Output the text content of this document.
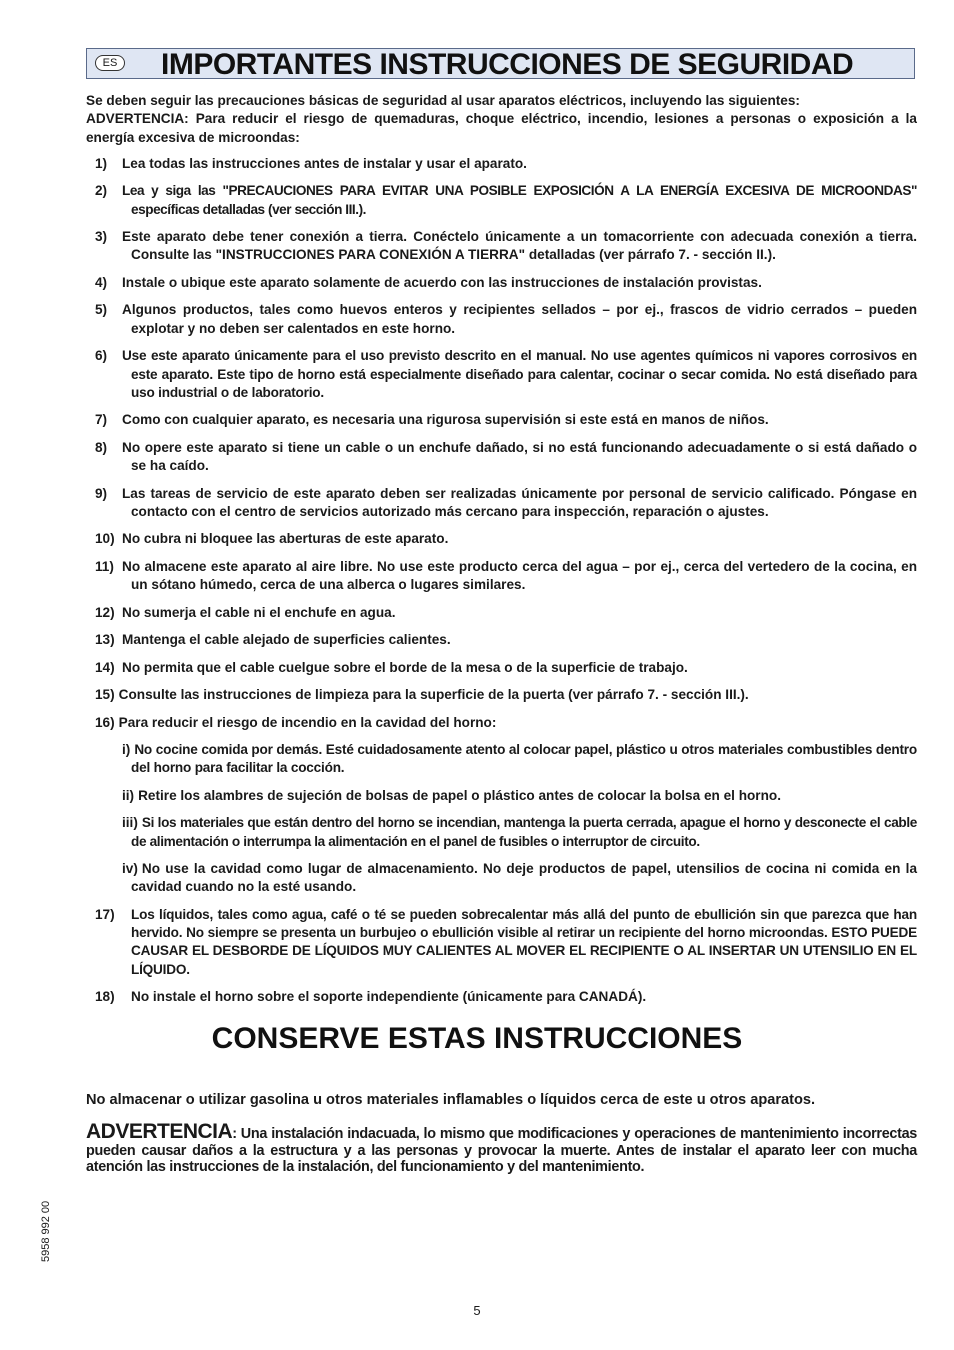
ES IMPORTANTES INSTRUCCIONES DE SEGURIDAD

Se deben seguir las precauciones básicas de seguridad al usar aparatos eléctricos, incluyendo las siguientes:

ADVERTENCIA: Para reducir el riesgo de quemaduras, choque eléctrico, incendio, lesiones a personas o exposición a la energía excesiva de microondas:

1) Lea todas las instrucciones antes de instalar y usar el aparato.
2) Lea y siga las "PRECAUCIONES PARA EVITAR UNA POSIBLE EXPOSICIÓN A LA ENERGÍA EXCESIVA DE MICROONDAS" específicas detalladas (ver sección III.).
3) Este aparato debe tener conexión a tierra. Conéctelo únicamente a un tomacorriente con adecuada conexión a tierra. Consulte las "INSTRUCCIONES PARA CONEXIÓN A TIERRA" detalladas (ver párrafo 7. - sección II.).
4) Instale o ubique este aparato solamente de acuerdo con las instrucciones de instalación provistas.
5) Algunos productos, tales como huevos enteros y recipientes sellados – por ej., frascos de vidrio cerrados – pueden explotar y no deben ser calentados en este horno.
6) Use este aparato únicamente para el uso previsto descrito en el manual. No use agentes químicos ni vapores corrosivos en este aparato. Este tipo de horno está especialmente diseñado para calentar, cocinar o secar comida. No está diseñado para uso industrial o de laboratorio.
7) Como con cualquier aparato, es necesaria una rigurosa supervisión si este está en manos de niños.
8) No opere este aparato si tiene un cable o un enchufe dañado, si no está funcionando adecuadamente o si está dañado o se ha caído.
9) Las tareas de servicio de este aparato deben ser realizadas únicamente por personal de servicio calificado. Póngase en contacto con el centro de servicios autorizado más cercano para inspección, reparación o ajustes.
10) No cubra ni bloquee las aberturas de este aparato.
11) No almacene este aparato al aire libre. No use este producto cerca del agua – por ej., cerca del vertedero de la cocina, en un sótano húmedo, cerca de una alberca o lugares similares.
12) No sumerja el cable ni el enchufe en agua.
13) Mantenga el cable alejado de superficies calientes.
14) No permita que el cable cuelgue sobre el borde de la mesa o de la superficie de trabajo.
15) Consulte las instrucciones de limpieza para la superficie de la puerta (ver párrafo 7. - sección III.).
16) Para reducir el riesgo de incendio en la cavidad del horno:
i) No cocine comida por demás. Esté cuidadosamente atento al colocar papel, plástico u otros materiales combustibles dentro del horno para facilitar la cocción.
ii) Retire los alambres de sujeción de bolsas de papel o plástico antes de colocar la bolsa en el horno.
iii) Si los materiales que están dentro del horno se incendian, mantenga la puerta cerrada, apague el horno y desconecte el cable de alimentación o interrumpa la alimentación en el panel de fusibles o interruptor de circuito.
iv) No use la cavidad como lugar de almacenamiento. No deje productos de papel, utensilios de cocina ni comida en la cavidad cuando no la esté usando.
17) Los líquidos, tales como agua, café o té se pueden sobrecalentar más allá del punto de ebullición sin que parezca que han hervido. No siempre se presenta un burbujeo o ebullición visible al retirar un recipiente del horno microondas. ESTO PUEDE CAUSAR EL DESBORDE DE LÍQUIDOS MUY CALIENTES AL MOVER EL RECIPIENTE O AL INSERTAR UN UTENSILIO EN EL LÍQUIDO.
18) No instale el horno sobre el soporte independiente (únicamente para CANADÁ).
CONSERVE ESTAS INSTRUCCIONES
No almacenar o utilizar gasolina u otros materiales inflamables o líquidos cerca de este u otros aparatos.
ADVERTENCIA: Una instalación indacuada, lo mismo que modificaciones y operaciones de mantenimiento incorrectas pueden causar daños a la estructura y a las personas y provocar la muerte. Antes de instalar el aparato leer con mucha atención las instrucciones de la instalación, del funcionamiento y del mantenimiento.
5958 992 00
5
